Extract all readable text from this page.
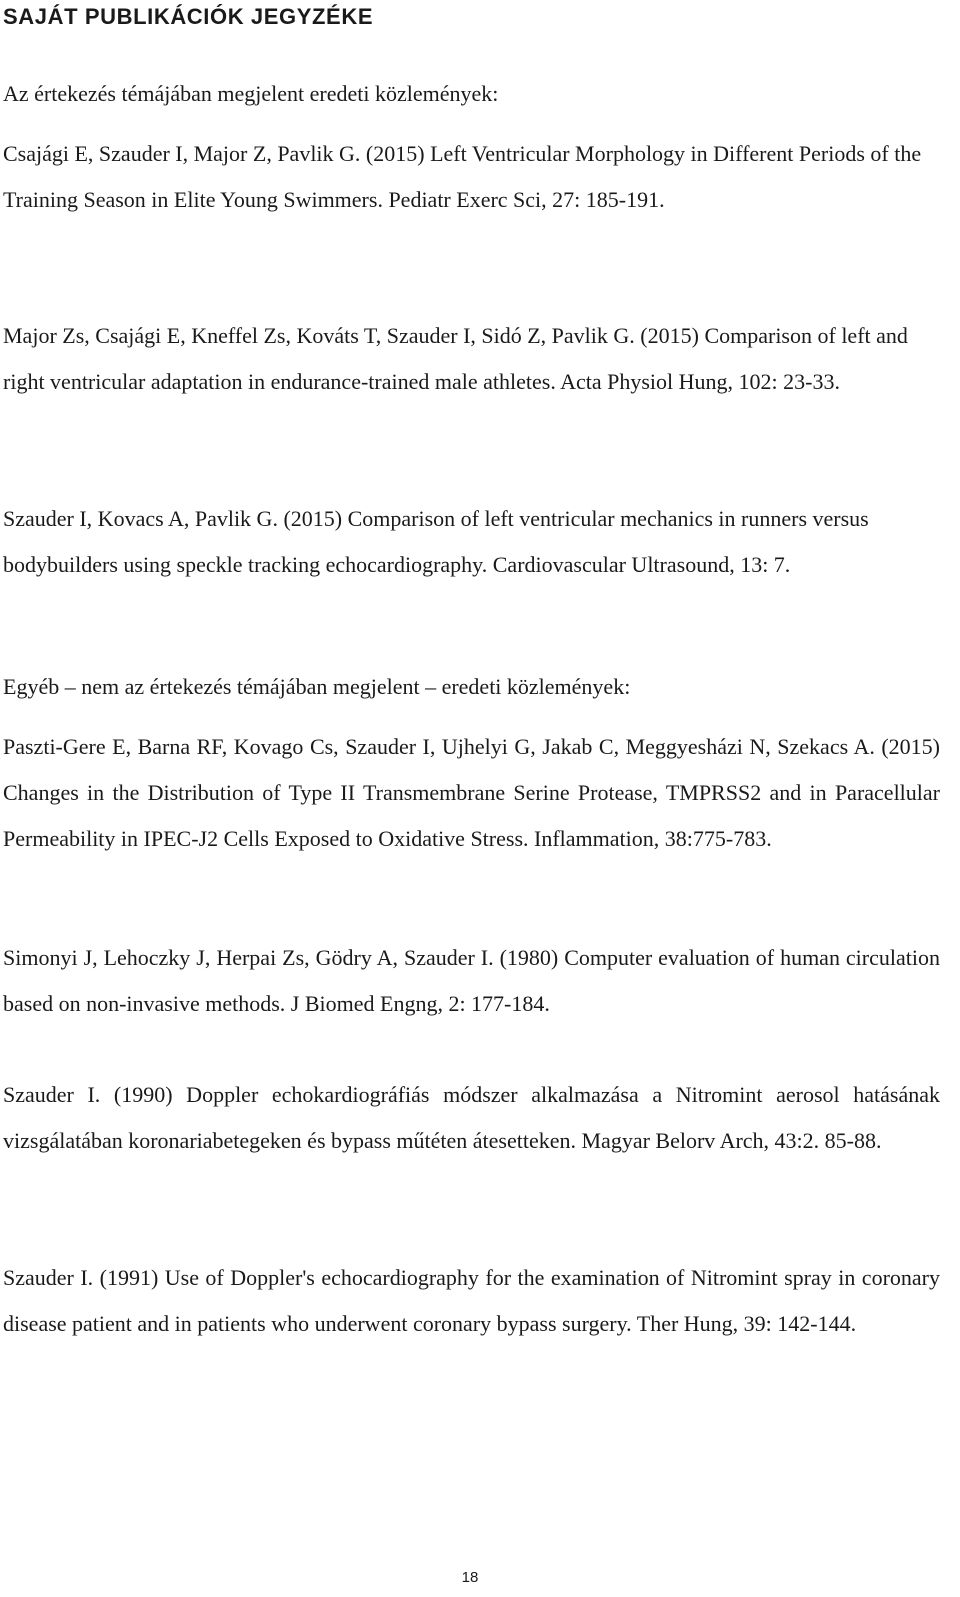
SAJÁT PUBLIKÁCIÓK JEGYZÉKE

Az értekezés témájában megjelent eredeti közlemények:

Csajági E, Szauder I, Major Z, Pavlik G. (2015) Left Ventricular Morphology in Different Periods of the Training Season in Elite Young Swimmers. Pediatr Exerc Sci, 27: 185-191.

Major Zs, Csajági E, Kneffel Zs, Kováts T, Szauder I, Sidó Z, Pavlik G. (2015) Comparison of left and right ventricular adaptation in endurance-trained male athletes. Acta Physiol Hung, 102: 23-33.

Szauder I, Kovacs A, Pavlik G. (2015) Comparison of left ventricular mechanics in runners versus bodybuilders using speckle tracking echocardiography. Cardiovascular Ultrasound, 13: 7.

Egyéb – nem az értekezés témájában megjelent – eredeti közlemények:

Paszti-Gere E, Barna RF, Kovago Cs, Szauder I, Ujhelyi G, Jakab C, Meggyesházi N, Szekacs A. (2015) Changes in the Distribution of Type II Transmembrane Serine Protease, TMPRSS2 and in Paracellular Permeability in IPEC-J2 Cells Exposed to Oxidative Stress. Inflammation, 38:775-783.

Simonyi J, Lehoczky J, Herpai Zs, Gödry A, Szauder I. (1980) Computer evaluation of human circulation based on non-invasive methods. J Biomed Engng, 2: 177-184.

Szauder I. (1990) Doppler echokardiográfiás módszer alkalmazása a Nitromint aerosol hatásának vizsgálatában koronariabetegeken és bypass műtéten átesetteken. Magyar Belorv Arch, 43:2. 85-88.

Szauder I. (1991) Use of Doppler's echocardiography for the examination of Nitromint spray in coronary disease patient and in patients who underwent coronary bypass surgery. Ther Hung, 39: 142-144.

18
